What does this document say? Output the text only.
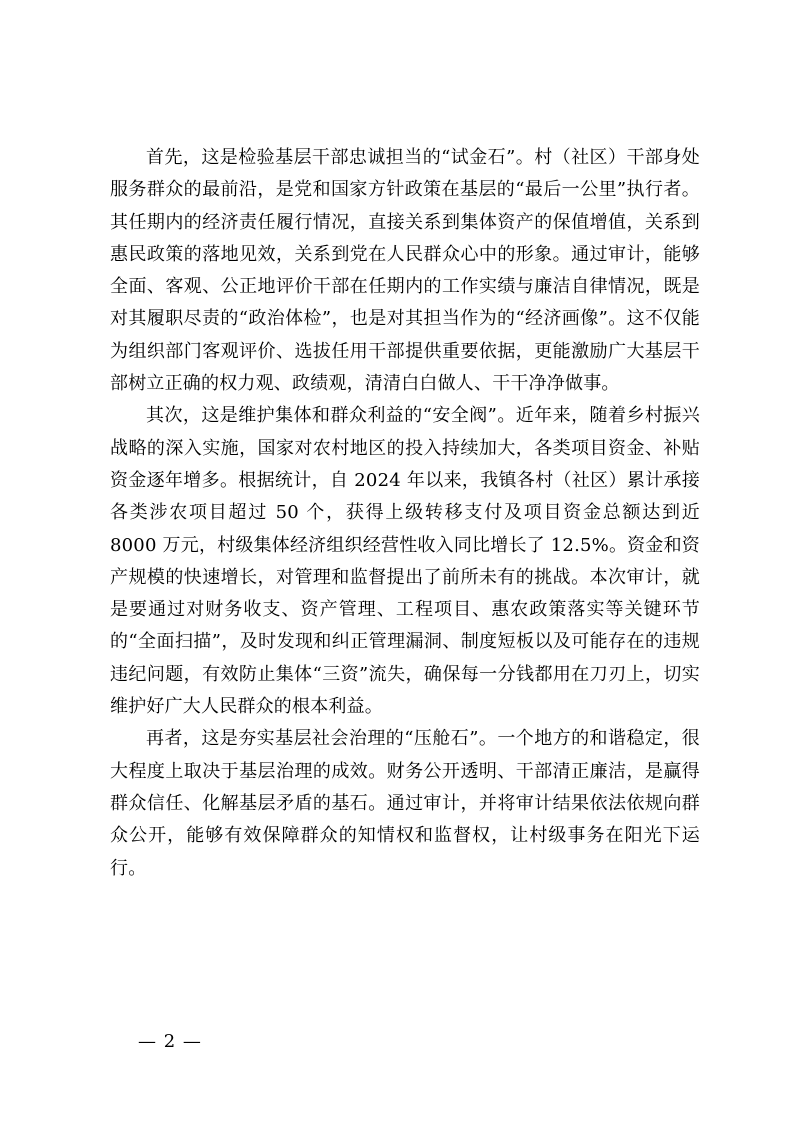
首先，这是检验基层干部忠诚担当的“试金石”。村（社区）干部身处服务群众的最前沿，是党和国家方针政策在基层的“最后一公里”执行者。其任期内的经济责任履行情况，直接关系到集体资产的保值增值，关系到惠民政策的落地见效，关系到党在人民群众心中的形象。通过审计，能够全面、客观、公正地评价干部在任期内的工作实绩与廉洁自律情况，既是对其履职尽责的“政治体检”，也是对其担当作为的“经济画像”。这不仅能为组织部门客观评价、选拔任用干部提供重要依据，更能激励广大基层干部树立正确的权力观、政绩观，清清白白做人、干干净净做事。

其次，这是维护集体和群众利益的“安全阀”。近年来，随着乡村振兴战略的深入实施，国家对农村地区的投入持续加大，各类项目资金、补贴资金逐年增多。根据统计，自 2024 年以来，我镇各村（社区）累计承接各类涉农项目超过 50 个，获得上级转移支付及项目资金总额达到近 8000 万元，村级集体经济组织经营性收入同比增长了 12.5%。资金和资产规模的快速增长，对管理和监督提出了前所未有的挑战。本次审计，就是要通过对财务收支、资产管理、工程项目、惠农政策落实等关键环节的“全面扫描”，及时发现和纠正管理漏洞、制度短板以及可能存在的违规违纪问题，有效防止集体“三资”流失，确保每一分钱都用在刀刃上，切实维护好广大人民群众的根本利益。

再者，这是夯实基层社会治理的“压舱石”。一个地方的和谐稳定，很大程度上取决于基层治理的成效。财务公开透明、干部清正廉洁，是赢得群众信任、化解基层矛盾的基石。通过审计，并将审计结果依法依规向群众公开，能够有效保障群众的知情权和监督权，让村级事务在阳光下运行。

— 2 —
